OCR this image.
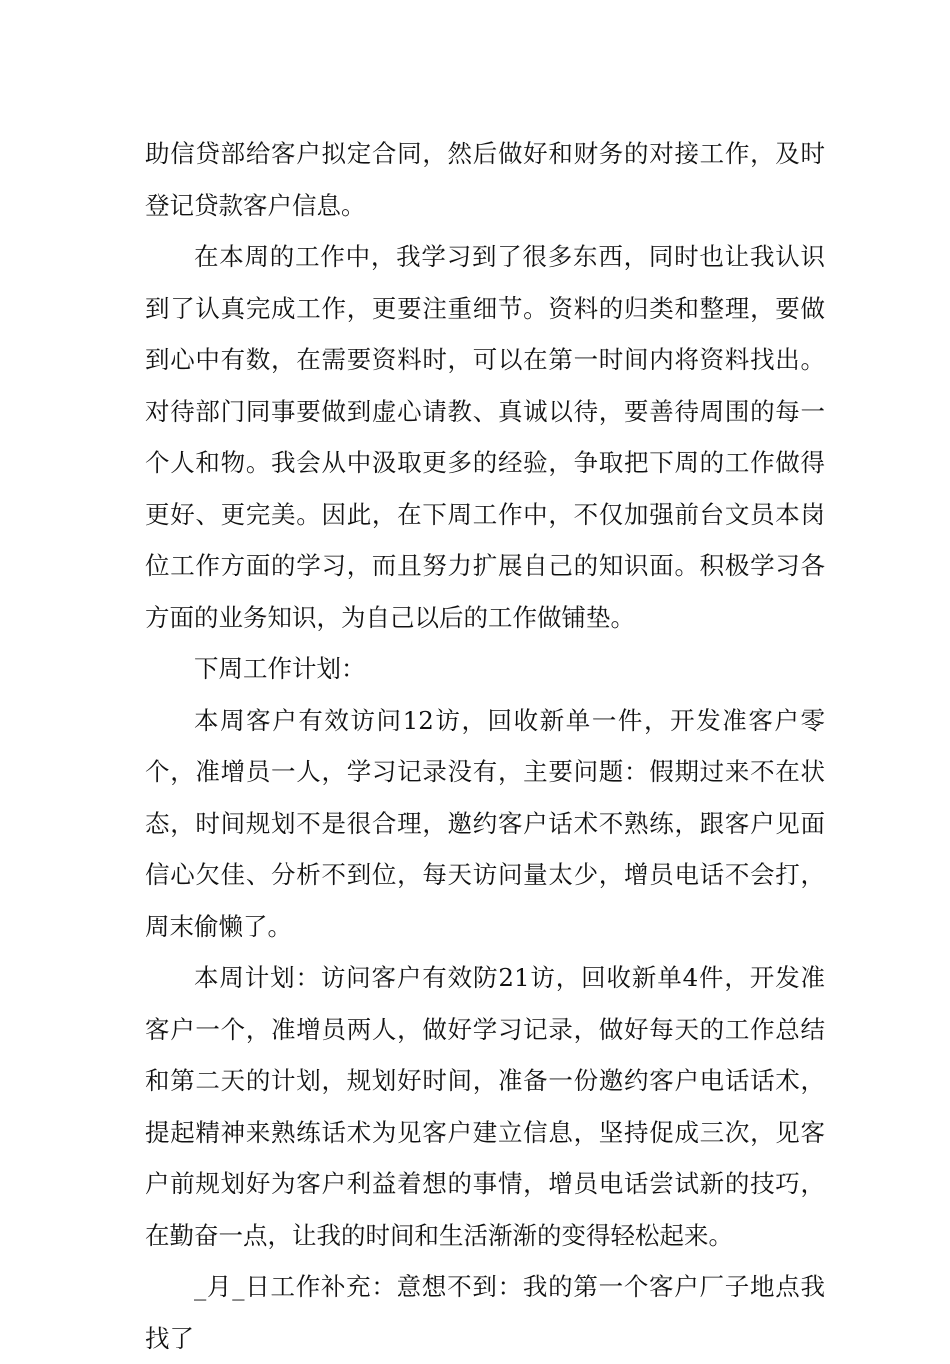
助信贷部给客户拟定合同，然后做好和财务的对接工作，及时登记贷款客户信息。

在本周的工作中，我学习到了很多东西，同时也让我认识到了认真完成工作，更要注重细节。资料的归类和整理，要做到心中有数，在需要资料时，可以在第一时间内将资料找出。对待部门同事要做到虚心请教、真诚以待，要善待周围的每一个人和物。我会从中汲取更多的经验，争取把下周的工作做得更好、更完美。因此，在下周工作中，不仅加强前台文员本岗位工作方面的学习，而且努力扩展自己的知识面。积极学习各方面的业务知识，为自己以后的工作做铺垫。

下周工作计划：

本周客户有效访问12访，回收新单一件，开发准客户零个，准增员一人，学习记录没有，主要问题：假期过来不在状态，时间规划不是很合理，邀约客户话术不熟练，跟客户见面信心欠佳、分析不到位，每天访问量太少，增员电话不会打，周末偷懒了。

本周计划：访问客户有效防21访，回收新单4件，开发准客户一个，准增员两人，做好学习记录，做好每天的工作总结和第二天的计划，规划好时间，准备一份邀约客户电话话术，提起精神来熟练话术为见客户建立信息，坚持促成三次，见客户前规划好为客户利益着想的事情，增员电话尝试新的技巧，在勤奋一点，让我的时间和生活渐渐的变得轻松起来。

_月_日工作补充：意想不到：我的第一个客户厂子地点我找了
